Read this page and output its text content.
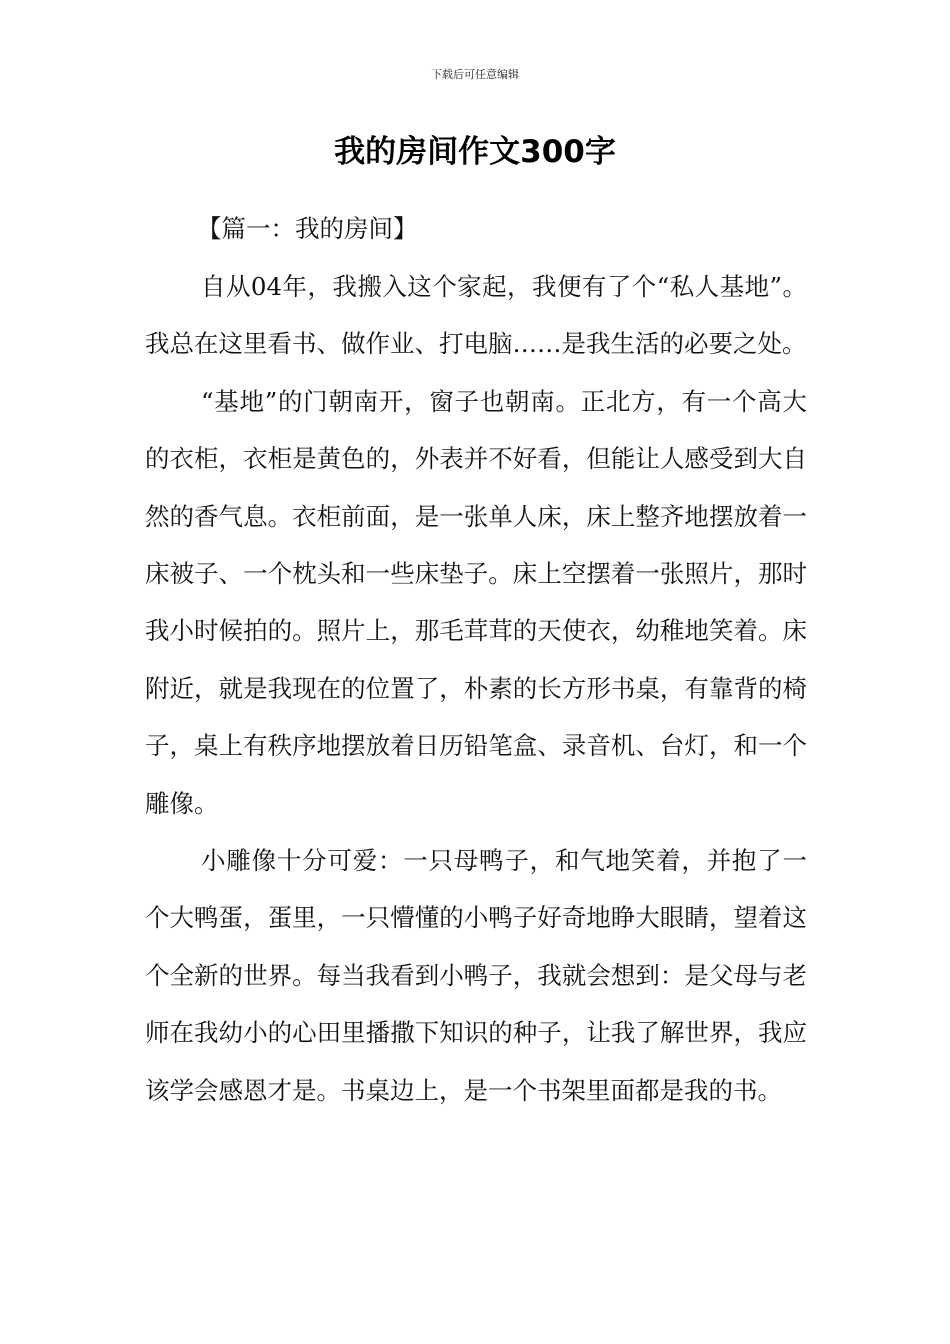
下载后可任意编辑
我的房间作文300字

【篇一：我的房间】

自从04年，我搬入这个家起，我便有了个“私人基地”。我总在这里看书、做作业、打电脑……是我生活的必要之处。

“基地”的门朝南开，窗子也朝南。正北方，有一个高大的衣柜，衣柜是黄色的，外表并不好看，但能让人感受到大自然的香气息。衣柜前面，是一张单人床，床上整齐地摆放着一床被子、一个枕头和一些床垫子。床上空摆着一张照片，那时我小时候拍的。照片上，那毛茸茸的天使衣，幼稚地笑着。床附近，就是我现在的位置了，朴素的长方形书桌，有靠背的椅子，桌上有秩序地摆放着日历铅笔盒、录音机、台灯，和一个雕像。

小雕像十分可爱：一只母鸭子，和气地笑着，并抱了一个大鸭蛋，蛋里，一只懵懂的小鸭子好奇地睁大眼睛，望着这个全新的世界。每当我看到小鸭子，我就会想到：是父母与老师在我幼小的心田里播撒下知识的种子，让我了解世界，我应该学会感恩才是。书桌边上，是一个书架里面都是我的书。
